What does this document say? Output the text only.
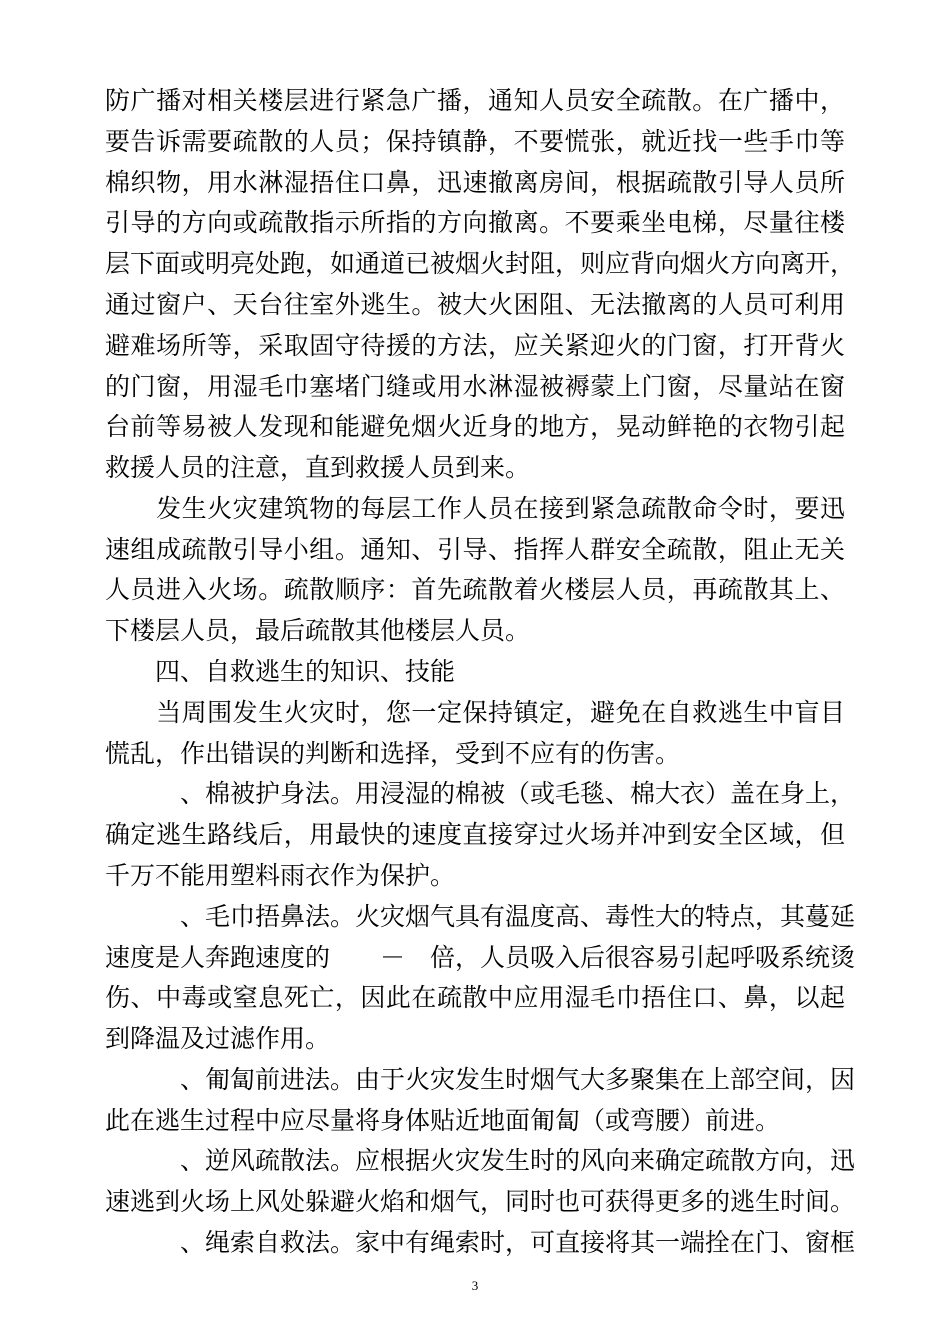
防广播对相关楼层进行紧急广播，通知人员安全疏散。在广播中，
要告诉需要疏散的人员；保持镇静，不要慌张，就近找一些手巾等
棉织物，用水淋湿捂住口鼻，迅速撤离房间，根据疏散引导人员所
引导的方向或疏散指示所指的方向撤离。不要乘坐电梯，尽量往楼
层下面或明亮处跑，如通道已被烟火封阻，则应背向烟火方向离开，
通过窗户、天台往室外逃生。被大火困阻、无法撤离的人员可利用
避难场所等，采取固守待援的方法，应关紧迎火的门窗，打开背火
的门窗，用湿毛巾塞堵门缝或用水淋湿被褥蒙上门窗，尽量站在窗
台前等易被人发现和能避免烟火近身的地方，晃动鲜艳的衣物引起
救援人员的注意，直到救援人员到来。
　　发生火灾建筑物的每层工作人员在接到紧急疏散命令时，要迅
速组成疏散引导小组。通知、引导、指挥人群安全疏散，阻止无关
人员进入火场。疏散顺序：首先疏散着火楼层人员，再疏散其上、
下楼层人员，最后疏散其他楼层人员。
　　四、自救逃生的知识、技能
　　当周围发生火灾时，您一定保持镇定，避免在自救逃生中盲目
慌乱，作出错误的判断和选择，受到不应有的伤害。
　　　、棉被护身法。用浸湿的棉被（或毛毯、棉大衣）盖在身上，
确定逃生路线后，用最快的速度直接穿过火场并冲到安全区域，但
千万不能用塑料雨衣作为保护。
　　　、毛巾捂鼻法。火灾烟气具有温度高、毒性大的特点，其蔓延
速度是人奔跑速度的　　－　倍，人员吸入后很容易引起呼吸系统烫
伤、中毒或窒息死亡，因此在疏散中应用湿毛巾捂住口、鼻，以起
到降温及过滤作用。
　　　、匍匐前进法。由于火灾发生时烟气大多聚集在上部空间，因
此在逃生过程中应尽量将身体贴近地面匍匐（或弯腰）前进。
　　　、逆风疏散法。应根据火灾发生时的风向来确定疏散方向，迅
速逃到火场上风处躲避火焰和烟气，同时也可获得更多的逃生时间。
　　　、绳索自救法。家中有绳索时，可直接将其一端拴在门、窗框
3
